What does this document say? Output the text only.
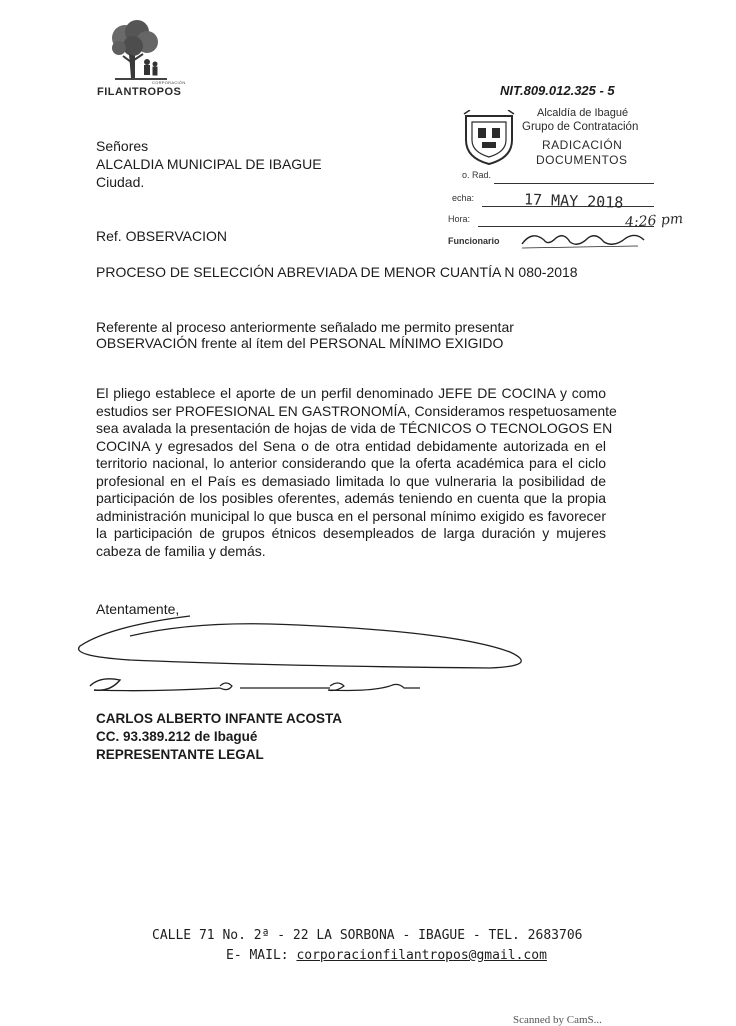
CORPORACIÓN
FILANTROPOS	NIT.809.012.325 - 5
Alcaldía de Ibagué
Grupo de Contratación
RADICACIÓN
DOCUMENTOS
o. Rad.
echa:	17 MAY 2018
Hora:	4:26 pm
Funcionario
Señores
ALCALDIA MUNICIPAL DE IBAGUE
Ciudad.
Ref. OBSERVACION
PROCESO DE SELECCIÓN ABREVIADA DE MENOR CUANTÍA N 080-2018
Referente al proceso anteriormente señalado me permito presentar
OBSERVACIÓN frente al ítem del PERSONAL MÍNIMO EXIGIDO
El pliego establece el aporte de un perfil denominado JEFE DE COCINA y como
estudios ser PROFESIONAL EN GASTRONOMÍA, Consideramos respetuosamente
sea avalada la presentación de hojas de vida de TÉCNICOS O TECNOLOGOS EN
COCINA y egresados del Sena o de otra entidad debidamente autorizada en el
territorio nacional, lo anterior considerando que la oferta académica para el ciclo
profesional en el País es demasiado limitada lo que vulneraria la posibilidad de
participación de los posibles oferentes, además teniendo en cuenta que la propia
administración municipal lo que busca en el personal mínimo exigido es favorecer
la participación de grupos étnicos desempleados de larga duración y mujeres
cabeza de familia y demás.
Atentamente,
CARLOS ALBERTO INFANTE ACOSTA
CC. 93.389.212 de Ibagué
REPRESENTANTE LEGAL
CALLE 71 No. 2ª - 22 LA SORBONA - IBAGUE - TEL. 2683706
E- MAIL: corporacionfilantropos@gmail.com
Scanned by CamS...
